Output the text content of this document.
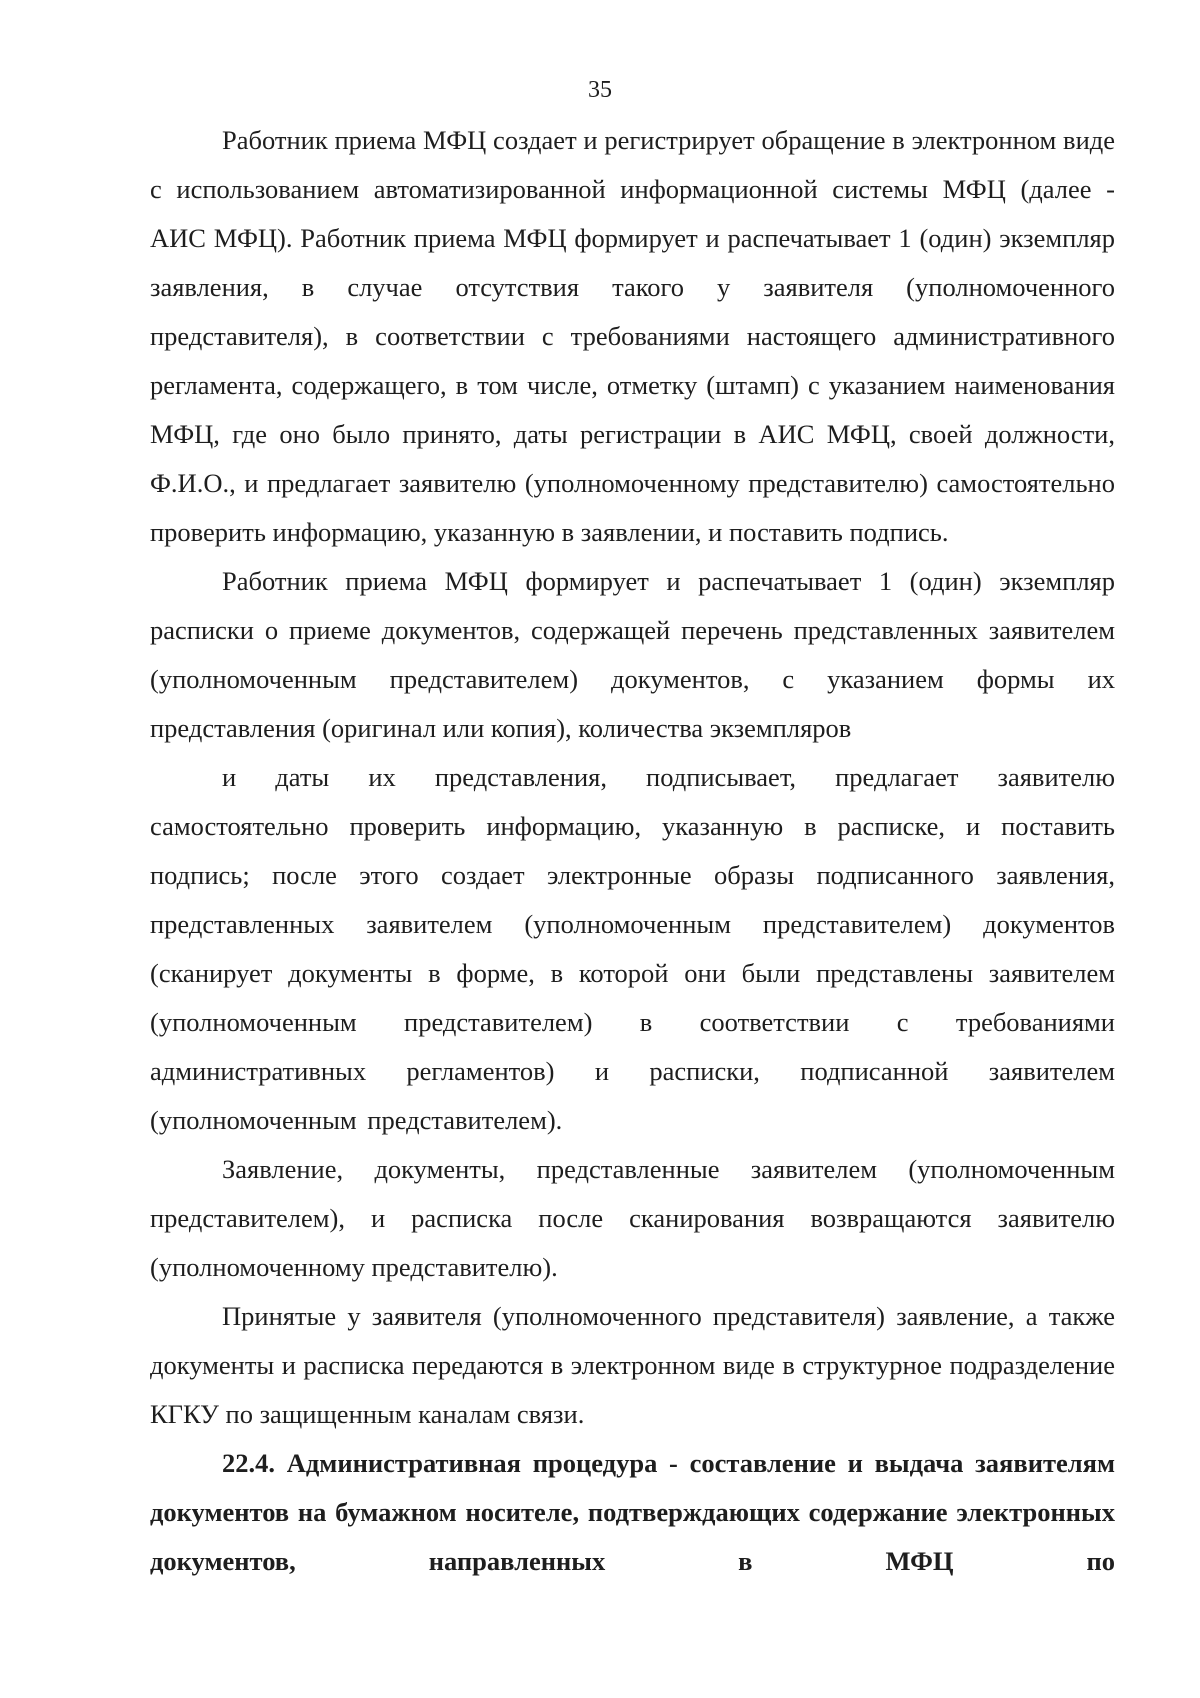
35

Работник приема МФЦ создает и регистрирует обращение в электронном виде с использованием автоматизированной информационной системы МФЦ (далее - АИС МФЦ). Работник приема МФЦ формирует и распечатывает 1 (один) экземпляр заявления, в случае отсутствия такого у заявителя (уполномоченного представителя), в соответствии с требованиями настоящего административного регламента, содержащего, в том числе, отметку (штамп) с указанием наименования МФЦ, где оно было принято, даты регистрации в АИС МФЦ, своей должности, Ф.И.О., и предлагает заявителю (уполномоченному представителю) самостоятельно проверить информацию, указанную в заявлении, и поставить подпись.

Работник приема МФЦ формирует и распечатывает 1 (один) экземпляр расписки о приеме документов, содержащей перечень представленных заявителем (уполномоченным представителем) документов, с указанием формы их представления (оригинал или копия), количества экземпляров

и даты их представления, подписывает, предлагает заявителю самостоятельно проверить информацию, указанную в расписке, и поставить подпись; после этого создает электронные образы подписанного заявления, представленных заявителем (уполномоченным представителем) документов (сканирует документы в форме, в которой они были представлены заявителем (уполномоченным представителем) в соответствии с требованиями административных регламентов) и расписки, подписанной заявителем (уполномоченным представителем).

Заявление, документы, представленные заявителем (уполномоченным представителем), и расписка после сканирования возвращаются заявителю (уполномоченному представителю).

Принятые у заявителя (уполномоченного представителя) заявление, а также документы и расписка передаются в электронном виде в структурное подразделение КГКУ по защищенным каналам связи.

22.4. Административная процедура - составление и выдача заявителям документов на бумажном носителе, подтверждающих содержание электронных документов, направленных в МФЦ по
